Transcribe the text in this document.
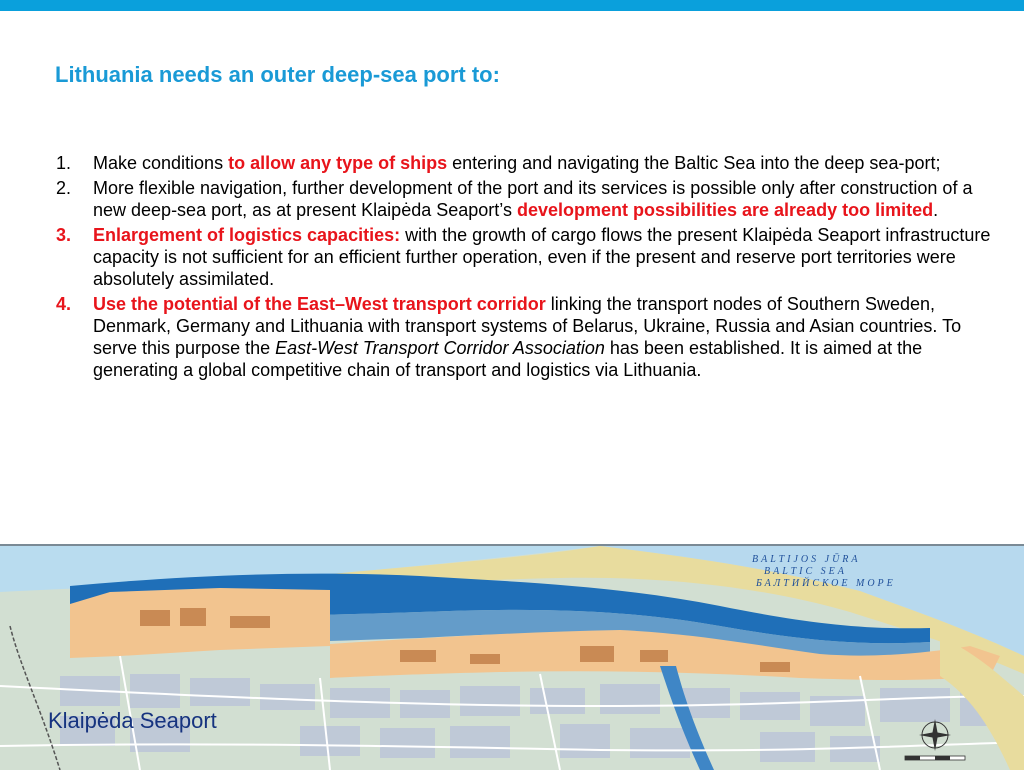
Lithuania needs an outer deep-sea port to:
1. Make conditions to allow any type of ships entering and navigating the Baltic Sea into the deep sea-port;
2. More flexible navigation, further development of the port and its services is possible only after construction of a new deep-sea port, as at present Klaipėda Seaport’s development possibilities are already too limited.
3. Enlargement of logistics capacities: with the growth of cargo flows the present Klaipėda Seaport infrastructure capacity is not sufficient for an efficient further operation, even if the present and reserve port territories were absolutely assimilated.
4. Use the potential of the East–West transport corridor linking the transport nodes of Southern Sweden, Denmark, Germany and Lithuania with transport systems of Belarus, Ukraine, Russia and Asian countries. To serve this purpose the East-West Transport Corridor Association has been established. It is aimed at the generating a global competitive chain of transport and logistics via Lithuania.
BALTIJOS JŪRA
BALTIC SEA
БАЛТИЙСКОЕ МОРЕ
Klaipėda Seaport
